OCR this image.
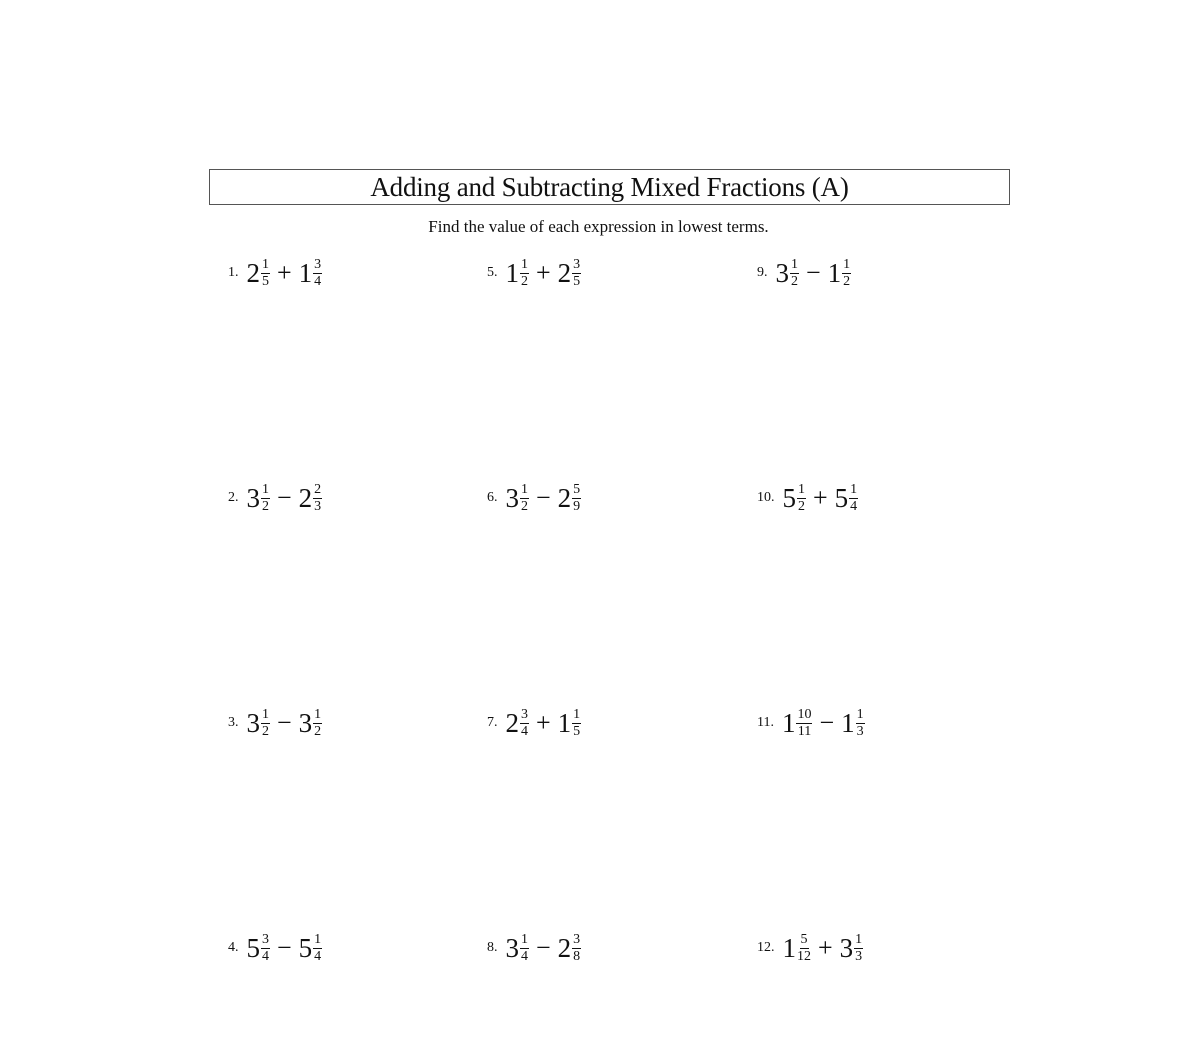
Adding and Subtracting Mixed Fractions (A)
Find the value of each expression in lowest terms.
1. $2 \frac{1}{5} + 1 \frac{3}{4}$
2. $3 \frac{1}{2} - 2 \frac{2}{3}$
3. $3 \frac{1}{2} - 3 \frac{1}{2}$
4. $5 \frac{3}{4} - 5 \frac{1}{4}$
5. $1 \frac{1}{2} + 2 \frac{3}{5}$
6. $3 \frac{1}{2} - 2 \frac{5}{9}$
7. $2 \frac{3}{4} + 1 \frac{1}{5}$
8. $3 \frac{1}{4} - 2 \frac{3}{8}$
9. $3 \frac{1}{2} - 1 \frac{1}{2}$
10. $5 \frac{1}{2} + 5 \frac{1}{4}$
11. $1 \frac{10}{11} - 1 \frac{1}{3}$
12. $1 \frac{5}{12} + 3 \frac{1}{3}$
